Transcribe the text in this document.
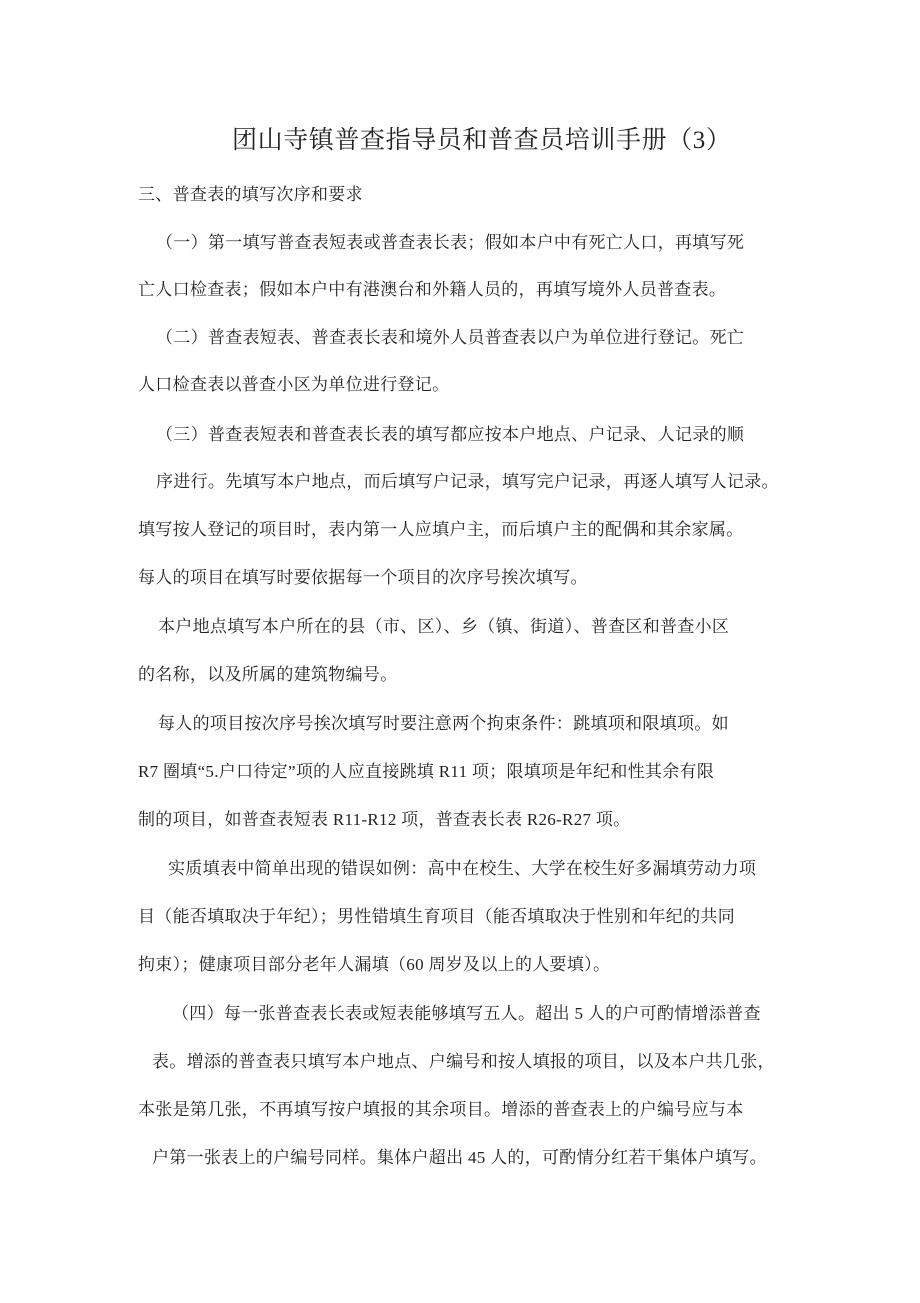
团山寺镇普查指导员和普查员培训手册（3）
三、普查表的填写次序和要求
（一）第一填写普查表短表或普查表长表；假如本户中有死亡人口，再填写死
亡人口检查表；假如本户中有港澳台和外籍人员的，再填写境外人员普查表。
（二）普查表短表、普查表长表和境外人员普查表以户为单位进行登记。死亡
人口检查表以普查小区为单位进行登记。
（三）普查表短表和普查表长表的填写都应按本户地点、户记录、人记录的顺
序进行。先填写本户地点，而后填写户记录，填写完户记录，再逐人填写人记录。
填写按人登记的项目时，表内第一人应填户主，而后填户主的配偶和其余家属。
每人的项目在填写时要依据每一个项目的次序号挨次填写。
本户地点填写本户所在的县（市、区）、乡（镇、街道）、普查区和普查小区
的名称，以及所属的建筑物编号。
每人的项目按次序号挨次填写时要注意两个拘束条件：跳填项和限填项。如
R7 圈填“5.户口待定”项的人应直接跳填 R11 项；限填项是年纪和性其余有限
制的项目，如普查表短表 R11-R12 项，普查表长表 R26-R27 项。
实质填表中简单出现的错误如例：高中在校生、大学在校生好多漏填劳动力项
目（能否填取决于年纪）；男性错填生育项目（能否填取决于性别和年纪的共同
拘束）；健康项目部分老年人漏填（60 周岁及以上的人要填）。
（四）每一张普查表长表或短表能够填写五人。超出 5 人的户可酌情增添普查
表。增添的普查表只填写本户地点、户编号和按人填报的项目，以及本户共几张，
本张是第几张，不再填写按户填报的其余项目。增添的普查表上的户编号应与本
户第一张表上的户编号同样。集体户超出 45 人的，可酌情分红若干集体户填写。
